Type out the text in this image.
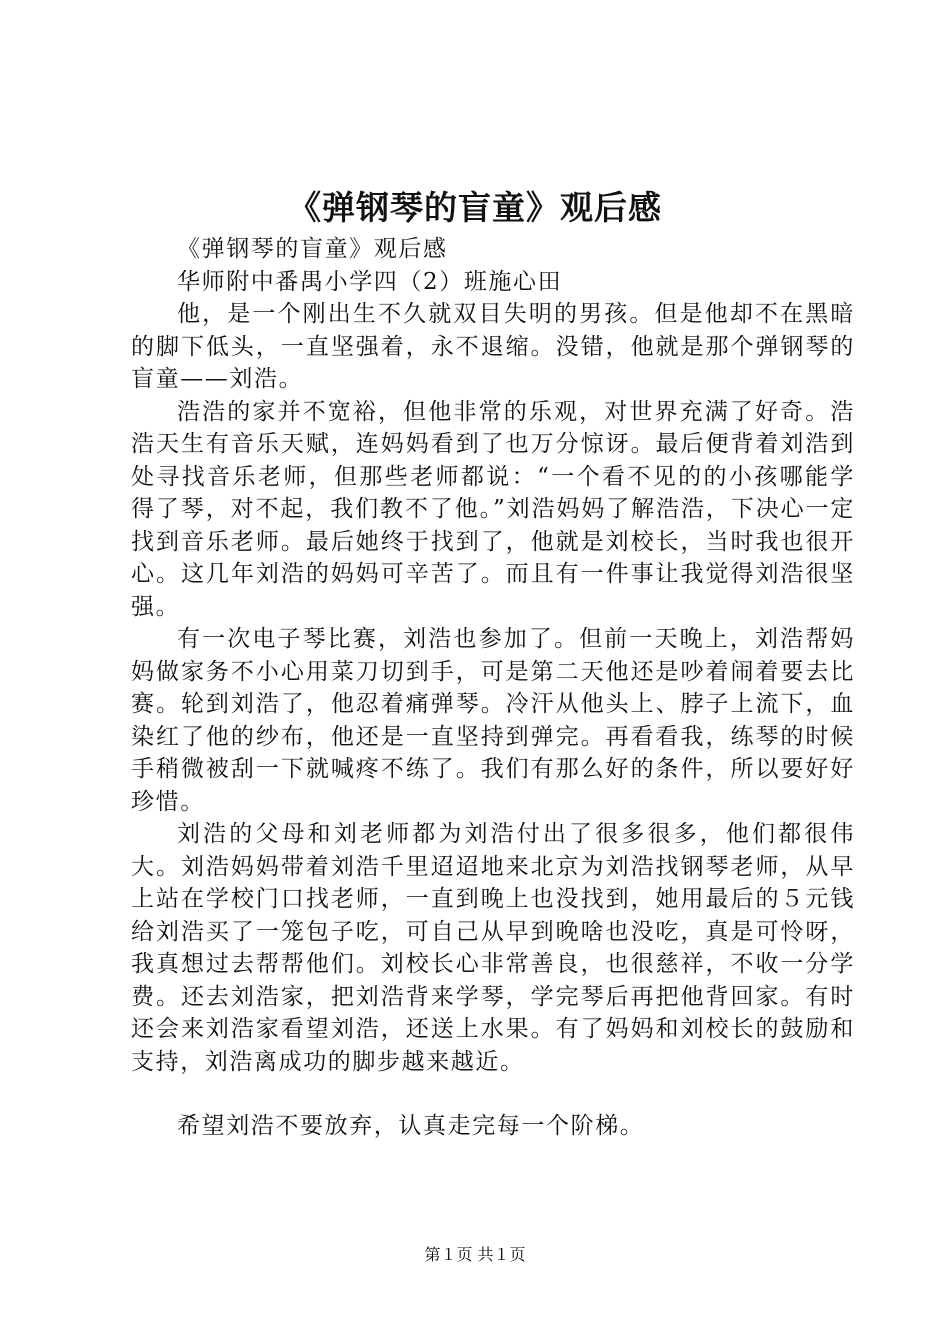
《弹钢琴的盲童》观后感

《弹钢琴的盲童》观后感

华师附中番禺小学四（2）班施心田

他，是一个刚出生不久就双目失明的男孩。但是他却不在黑暗的脚下低头，一直坚强着，永不退缩。没错，他就是那个弹钢琴的盲童——刘浩。

浩浩的家并不宽裕，但他非常的乐观，对世界充满了好奇。浩浩天生有音乐天赋，连妈妈看到了也万分惊讶。最后便背着刘浩到处寻找音乐老师，但那些老师都说：“一个看不见的的小孩哪能学得了琴，对不起，我们教不了他。”刘浩妈妈了解浩浩，下决心一定找到音乐老师。最后她终于找到了，他就是刘校长，当时我也很开心。这几年刘浩的妈妈可辛苦了。而且有一件事让我觉得刘浩很坚强。

有一次电子琴比赛，刘浩也参加了。但前一天晚上，刘浩帮妈妈做家务不小心用菜刀切到手，可是第二天他还是吵着闹着要去比赛。轮到刘浩了，他忍着痛弹琴。冷汗从他头上、脖子上流下，血染红了他的纱布，他还是一直坚持到弹完。再看看我，练琴的时候手稍微被刮一下就喊疼不练了。我们有那么好的条件，所以要好好珍惜。

刘浩的父母和刘老师都为刘浩付出了很多很多，他们都很伟大。刘浩妈妈带着刘浩千里迢迢地来北京为刘浩找钢琴老师，从早上站在学校门口找老师，一直到晚上也没找到，她用最后的５元钱给刘浩买了一笼包子吃，可自己从早到晚啥也没吃，真是可怜呀，我真想过去帮帮他们。刘校长心非常善良，也很慈祥，不收一分学费。还去刘浩家，把刘浩背来学琴，学完琴后再把他背回家。有时还会来刘浩家看望刘浩，还送上水果。有了妈妈和刘校长的鼓励和支持，刘浩离成功的脚步越来越近。

希望刘浩不要放弃，认真走完每一个阶梯。

第１页 共１页
